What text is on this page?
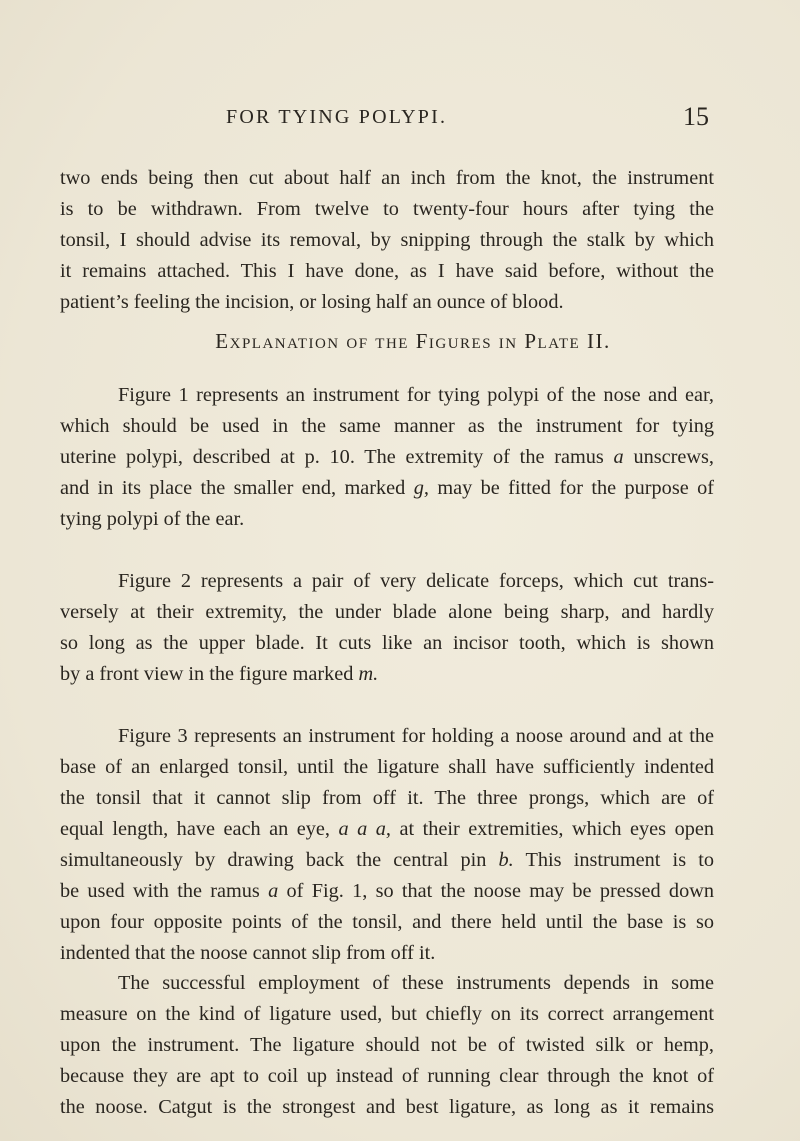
FOR TYING POLYPI.	15
two ends being then cut about half an inch from the knot, the instrument
is to be withdrawn. From twelve to twenty-four hours after tying the
tonsil, I should advise its removal, by snipping through the stalk by which
it remains attached. This I have done, as I have said before, without the
patient’s feeling the incision, or losing half an ounce of blood.
Explanation of the Figures in Plate II.
Figure 1 represents an instrument for tying polypi of the nose and ear,
which should be used in the same manner as the instrument for tying
uterine polypi, described at p. 10. The extremity of the ramus a unscrews,
and in its place the smaller end, marked g, may be fitted for the purpose of
tying polypi of the ear.
Figure 2 represents a pair of very delicate forceps, which cut trans-
versely at their extremity, the under blade alone being sharp, and hardly
so long as the upper blade. It cuts like an incisor tooth, which is shown
by a front view in the figure marked m.
Figure 3 represents an instrument for holding a noose around and at the
base of an enlarged tonsil, until the ligature shall have sufficiently indented
the tonsil that it cannot slip from off it. The three prongs, which are of
equal length, have each an eye, a a a, at their extremities, which eyes open
simultaneously by drawing back the central pin b. This instrument is to
be used with the ramus a of Fig. 1, so that the noose may be pressed down
upon four opposite points of the tonsil, and there held until the base is so
indented that the noose cannot slip from off it.
The successful employment of these instruments depends in some
measure on the kind of ligature used, but chiefly on its correct arrangement
upon the instrument. The ligature should not be of twisted silk or hemp,
because they are apt to coil up instead of running clear through the knot of
the noose. Catgut is the strongest and best ligature, as long as it remains
